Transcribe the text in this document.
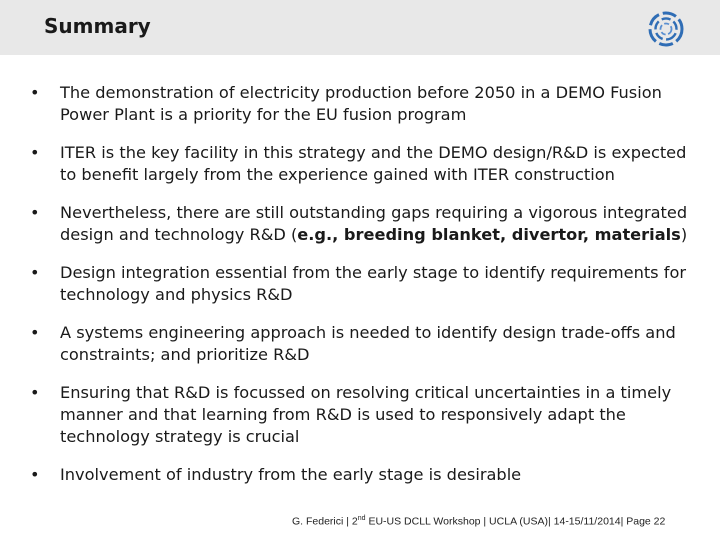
Summary
• The demonstration of electricity production before 2050 in a DEMO Fusion Power Plant is a priority for the EU fusion program
• ITER is the key facility in this strategy and the DEMO design/R&D is expected to benefit largely from the experience gained with ITER construction
• Nevertheless, there are still outstanding gaps requiring a vigorous integrated design and technology R&D (e.g., breeding blanket, divertor, materials)
• Design integration essential from the early stage to identify requirements for technology and physics R&D
• A systems engineering approach is needed to identify design trade-offs and constraints; and prioritize R&D
• Ensuring that R&D is focussed on resolving critical uncertainties in a timely manner and that learning from R&D is used to responsively adapt the technology strategy is crucial
• Involvement of industry from the early stage is desirable
G. Federici | 2nd EU-US DCLL Workshop | UCLA (USA)| 14-15/11/2014| Page 22
